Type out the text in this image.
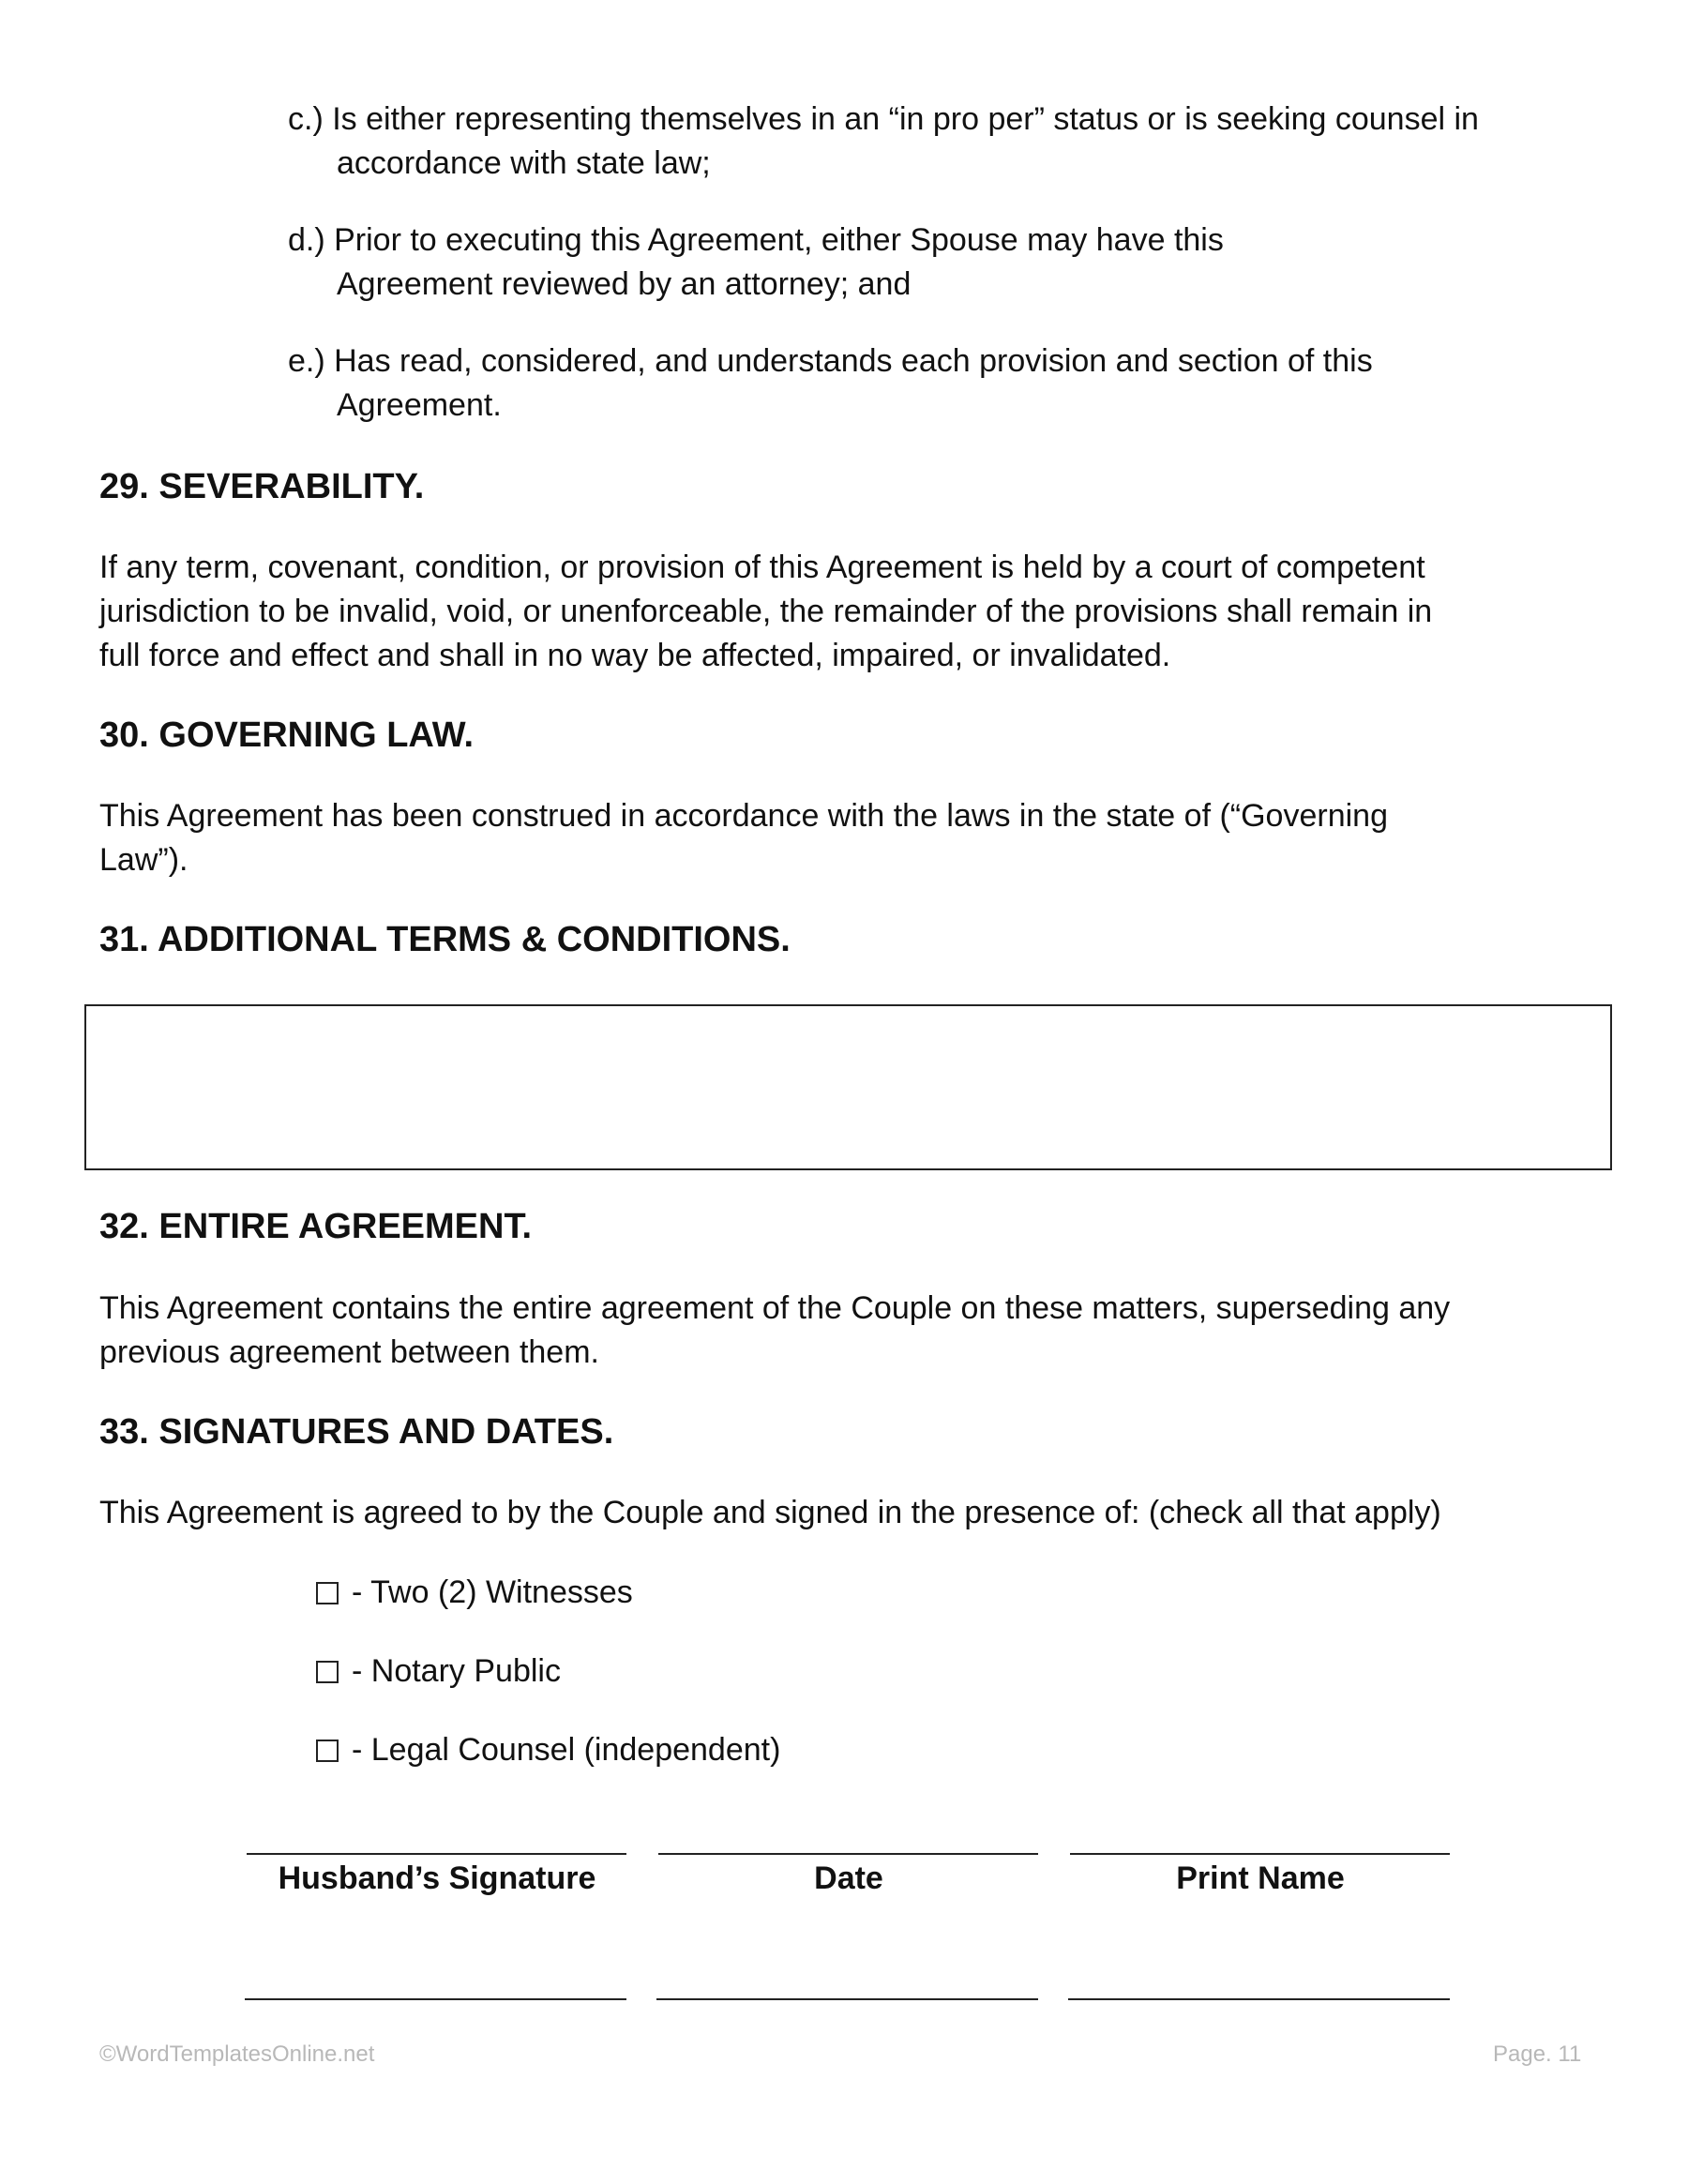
c.) Is either representing themselves in an “in pro per” status or is seeking counsel in
accordance with state law;
d.) Prior to executing this Agreement, either Spouse may have this
Agreement reviewed by an attorney; and
e.) Has read, considered, and understands each provision and section of this
Agreement.
29. SEVERABILITY.
If any term, covenant, condition, or provision of this Agreement is held by a court of competent
jurisdiction to be invalid, void, or unenforceable, the remainder of the provisions shall remain in
full force and effect and shall in no way be affected, impaired, or invalidated.
30. GOVERNING LAW.
This Agreement has been construed in accordance with the laws in the state of (“Governing
Law”).
31. ADDITIONAL TERMS & CONDITIONS.
32. ENTIRE AGREEMENT.
This Agreement contains the entire agreement of the Couple on these matters, superseding any
previous agreement between them.
33. SIGNATURES AND DATES.
This Agreement is agreed to by the Couple and signed in the presence of: (check all that apply)
- Two (2) Witnesses
- Notary Public
- Legal Counsel (independent)
Husband’s Signature	Date	Print Name
©WordTemplatesOnline.net	Page. 11
